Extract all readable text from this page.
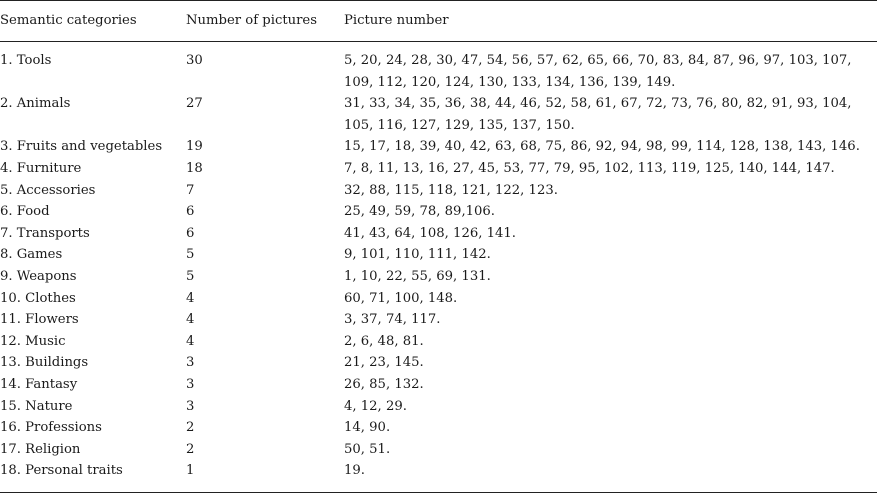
Semantic categories	Number of pictures	Picture number
1. Tools	30	5, 20, 24, 28, 30, 47, 54, 56, 57, 62, 65, 66, 70, 83, 84, 87, 96, 97, 103, 107, 109, 112, 120, 124, 130, 133, 134, 136, 139, 149.
2. Animals	27	31, 33, 34, 35, 36, 38, 44, 46, 52, 58, 61, 67, 72, 73, 76, 80, 82, 91, 93, 104, 105, 116, 127, 129, 135, 137, 150.
3. Fruits and vegetables	19	15, 17, 18, 39, 40, 42, 63, 68, 75, 86, 92, 94, 98, 99, 114, 128, 138, 143, 146.
4. Furniture	18	7, 8, 11, 13, 16, 27, 45, 53, 77, 79, 95, 102, 113, 119, 125, 140, 144, 147.
5. Accessories	7	32, 88, 115, 118, 121, 122, 123.
6. Food	6	25, 49, 59, 78, 89,106.
7. Transports	6	41, 43, 64, 108, 126, 141.
8. Games	5	9, 101, 110, 111, 142.
9. Weapons	5	1, 10, 22, 55, 69, 131.
10. Clothes	4	60, 71, 100, 148.
11. Flowers	4	3, 37, 74, 117.
12. Music	4	2, 6, 48, 81.
13. Buildings	3	21, 23, 145.
14. Fantasy	3	26, 85, 132.
15. Nature	3	4, 12, 29.
16. Professions	2	14, 90.
17. Religion	2	50, 51.
18. Personal traits	1	19.
